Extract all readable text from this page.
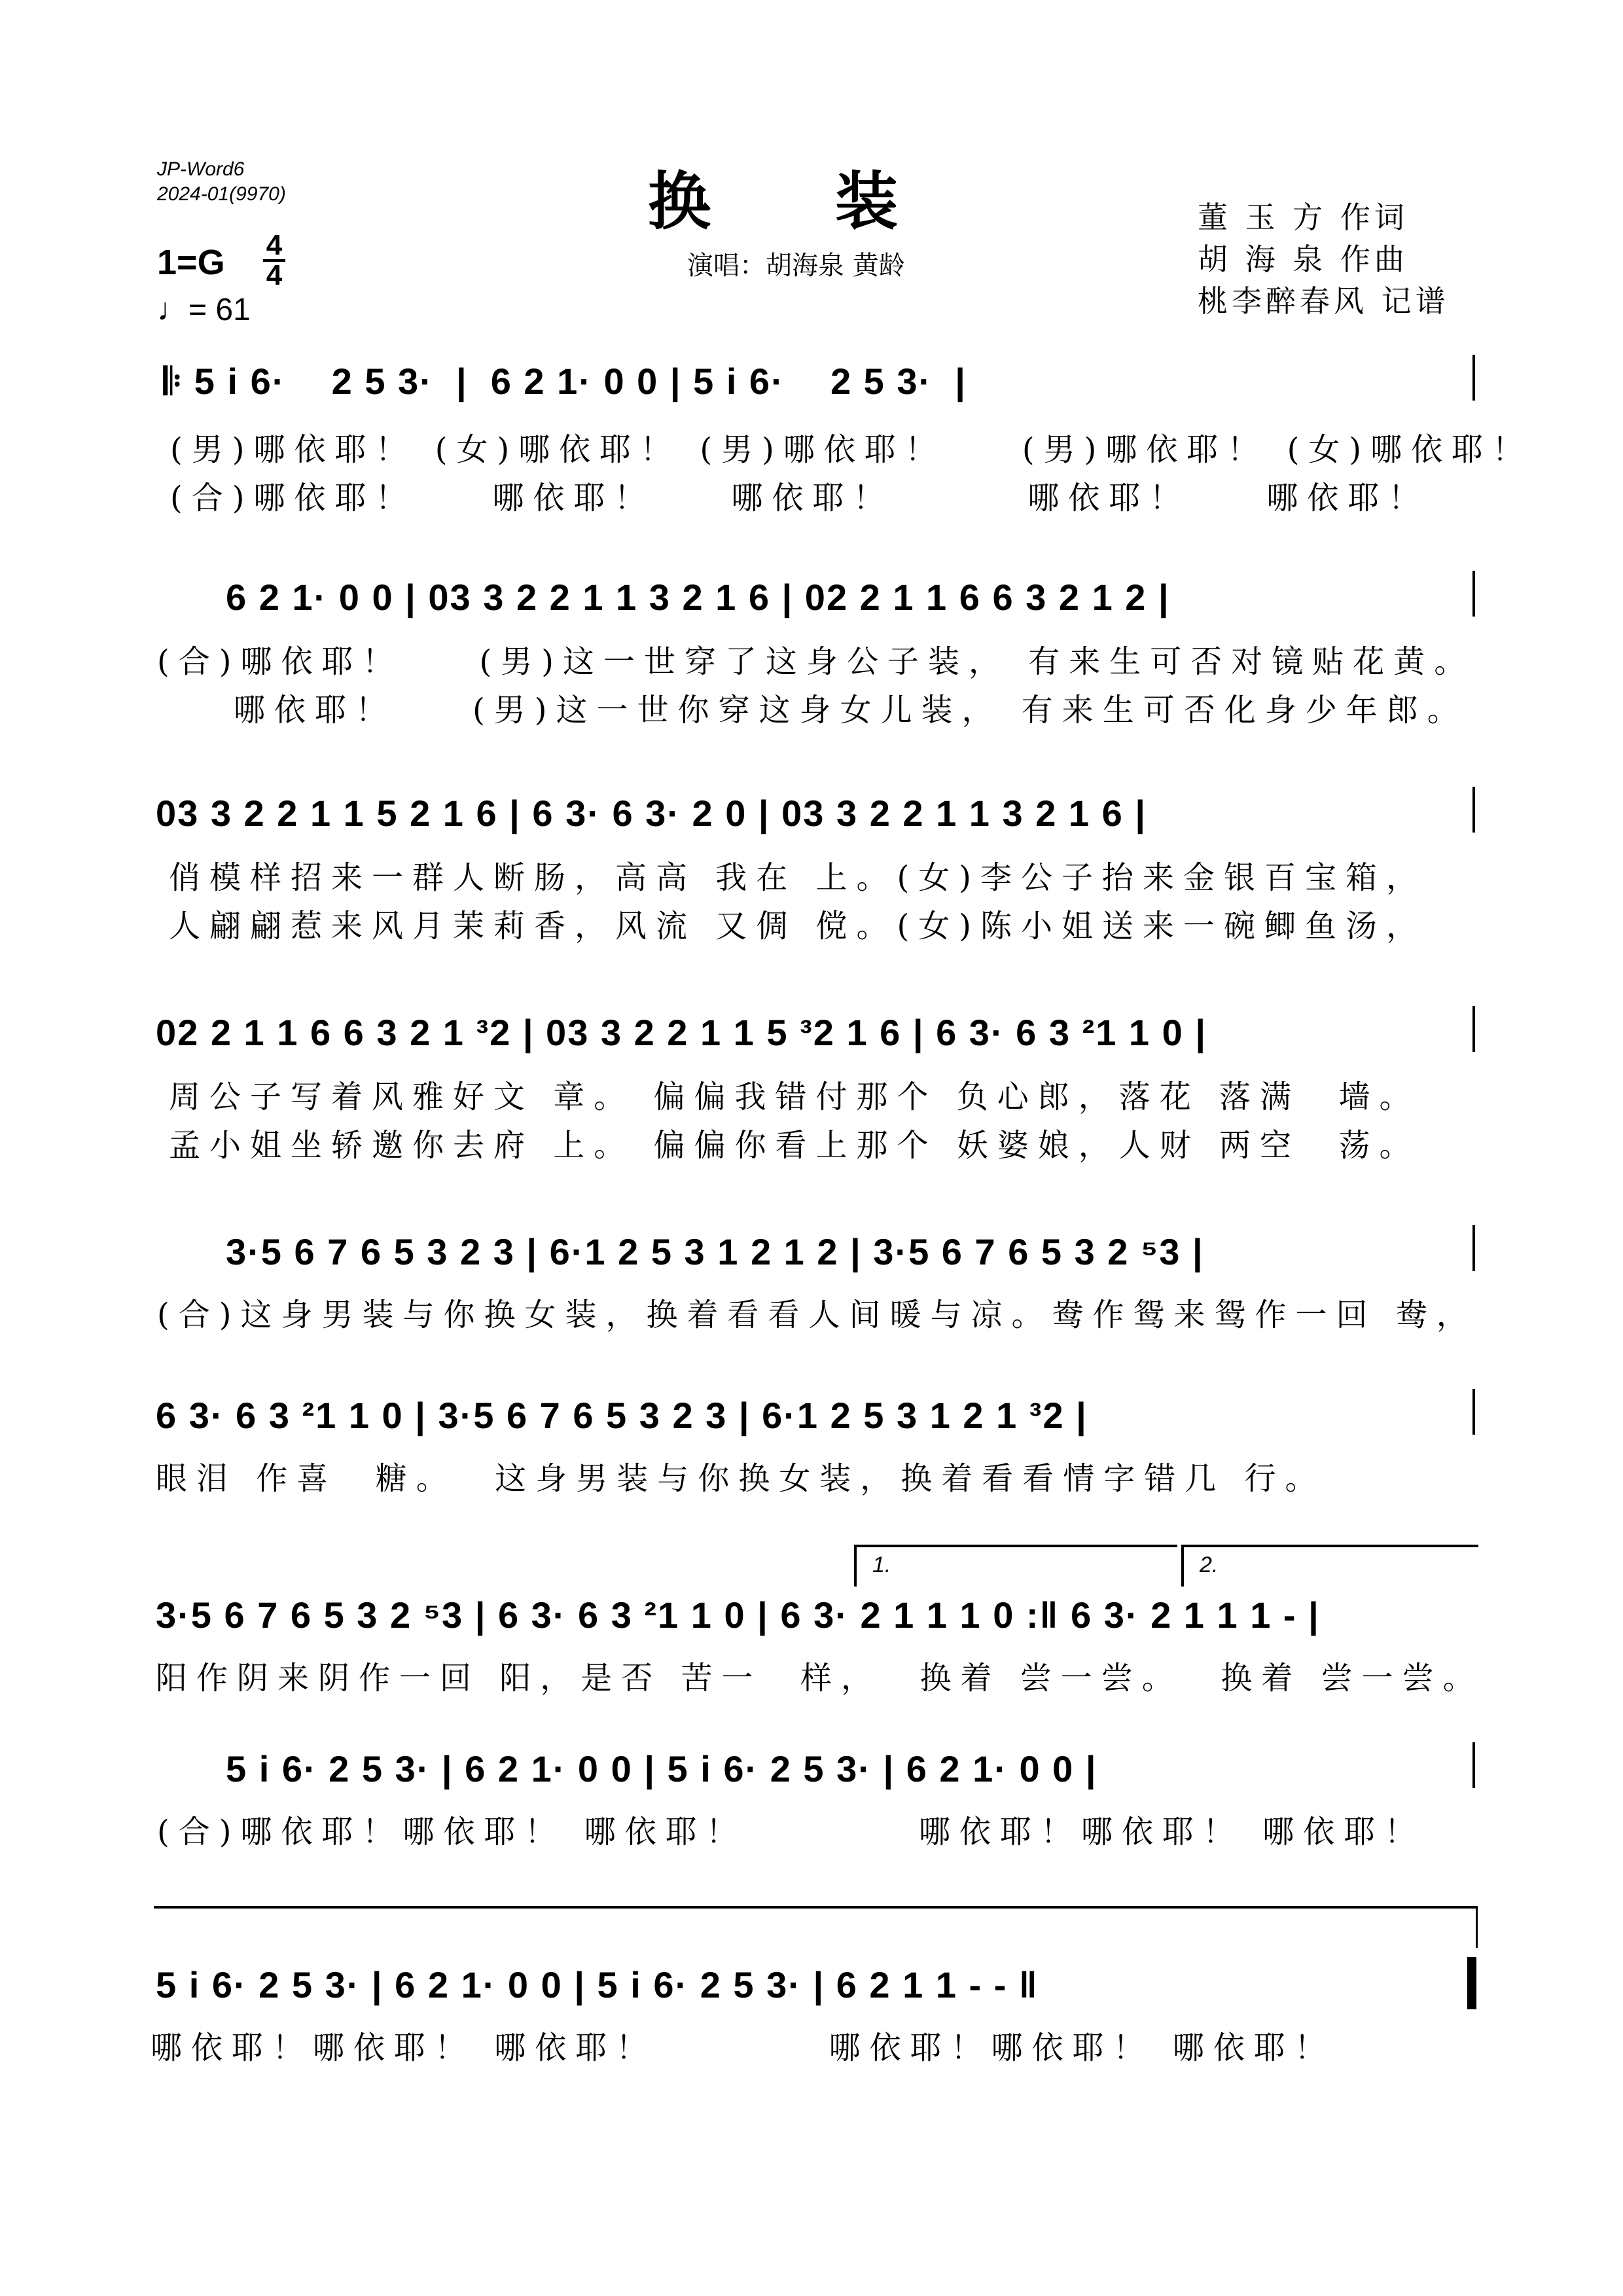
JP-Word6
2024-01(9970)	换装
演唱：胡海泉 黄龄
董 玉 方 作词
胡 海 泉 作曲
桃李醉春风 记谱
1=G 4
4
♩= 61
𝄆 5 i 6·    2 5 3·  |  6 2 1· 0 0 | 5 i 6·    2 5 3·  |
(男)哪依耶！ (女)哪依耶！ (男)哪依耶！    (男)哪依耶！ (女)哪依耶！
(合)哪依耶！    哪依耶！    哪依耶！       哪依耶！    哪依耶！
6 2 1· 0 0 | 03 3 2 2 1 1 3 2 1 6 | 02 2 1 1 6 6 3 2 1 2 |
(合)哪依耶！    (男)这一世穿了这身公子装， 有来生可否对镜贴花黄。
哪依耶！    (男)这一世你穿这身女儿装， 有来生可否化身少年郎。
03 3 2 2 1 1 5 2 1 6 | 6 3· 6 3· 2 0 | 03 3 2 2 1 1 3 2 1 6 |
俏模样招来一群人断肠，高高 我在 上。(女)李公子抬来金银百宝箱，
人翩翩惹来风月茉莉香，风流 又倜 傥。(女)陈小姐送来一碗鲫鱼汤，
02 2 1 1 6 6 3 2 1 ³2 | 03 3 2 2 1 1 5 ³2 1 6 | 6 3· 6 3 ²1 1 0 |
周公子写着风雅好文 章。 偏偏我错付那个 负心郎，落花 落满  墙。
孟小姐坐轿邀你去府 上。 偏偏你看上那个 妖婆娘，人财 两空  荡。
3·5 6 7 6 5 3 2 3 | 6·1 2 5 3 1 2 1 2 | 3·5 6 7 6 5 3 2 ⁵3 |
(合)这身男装与你换女装，换着看看人间暖与凉。鸯作鸳来鸳作一回 鸯，
6 3· 6 3 ²1 1 0 | 3·5 6 7 6 5 3 2 3 | 6·1 2 5 3 1 2 1 ³2 |
眼泪 作喜  糖。  这身男装与你换女装，换着看看情字错几 行。
1.	2.
3·5 6 7 6 5 3 2 ⁵3 | 6 3· 6 3 ²1 1 0 | 6 3· 2 1 1 1 0 :‖ 6 3· 2 1 1 1 - |
阳作阴来阴作一回 阳，是否 苦一  样，  换着 尝一尝。  换着 尝一尝。
5 i 6· 2 5 3· | 6 2 1· 0 0 | 5 i 6· 2 5 3· | 6 2 1· 0 0 |
(合)哪依耶！哪依耶！ 哪依耶！         哪依耶！哪依耶！ 哪依耶！
5 i 6· 2 5 3· | 6 2 1· 0 0 | 5 i 6· 2 5 3· | 6 2 1 1 - - ‖
哪依耶！哪依耶！ 哪依耶！         哪依耶！哪依耶！ 哪依耶！
